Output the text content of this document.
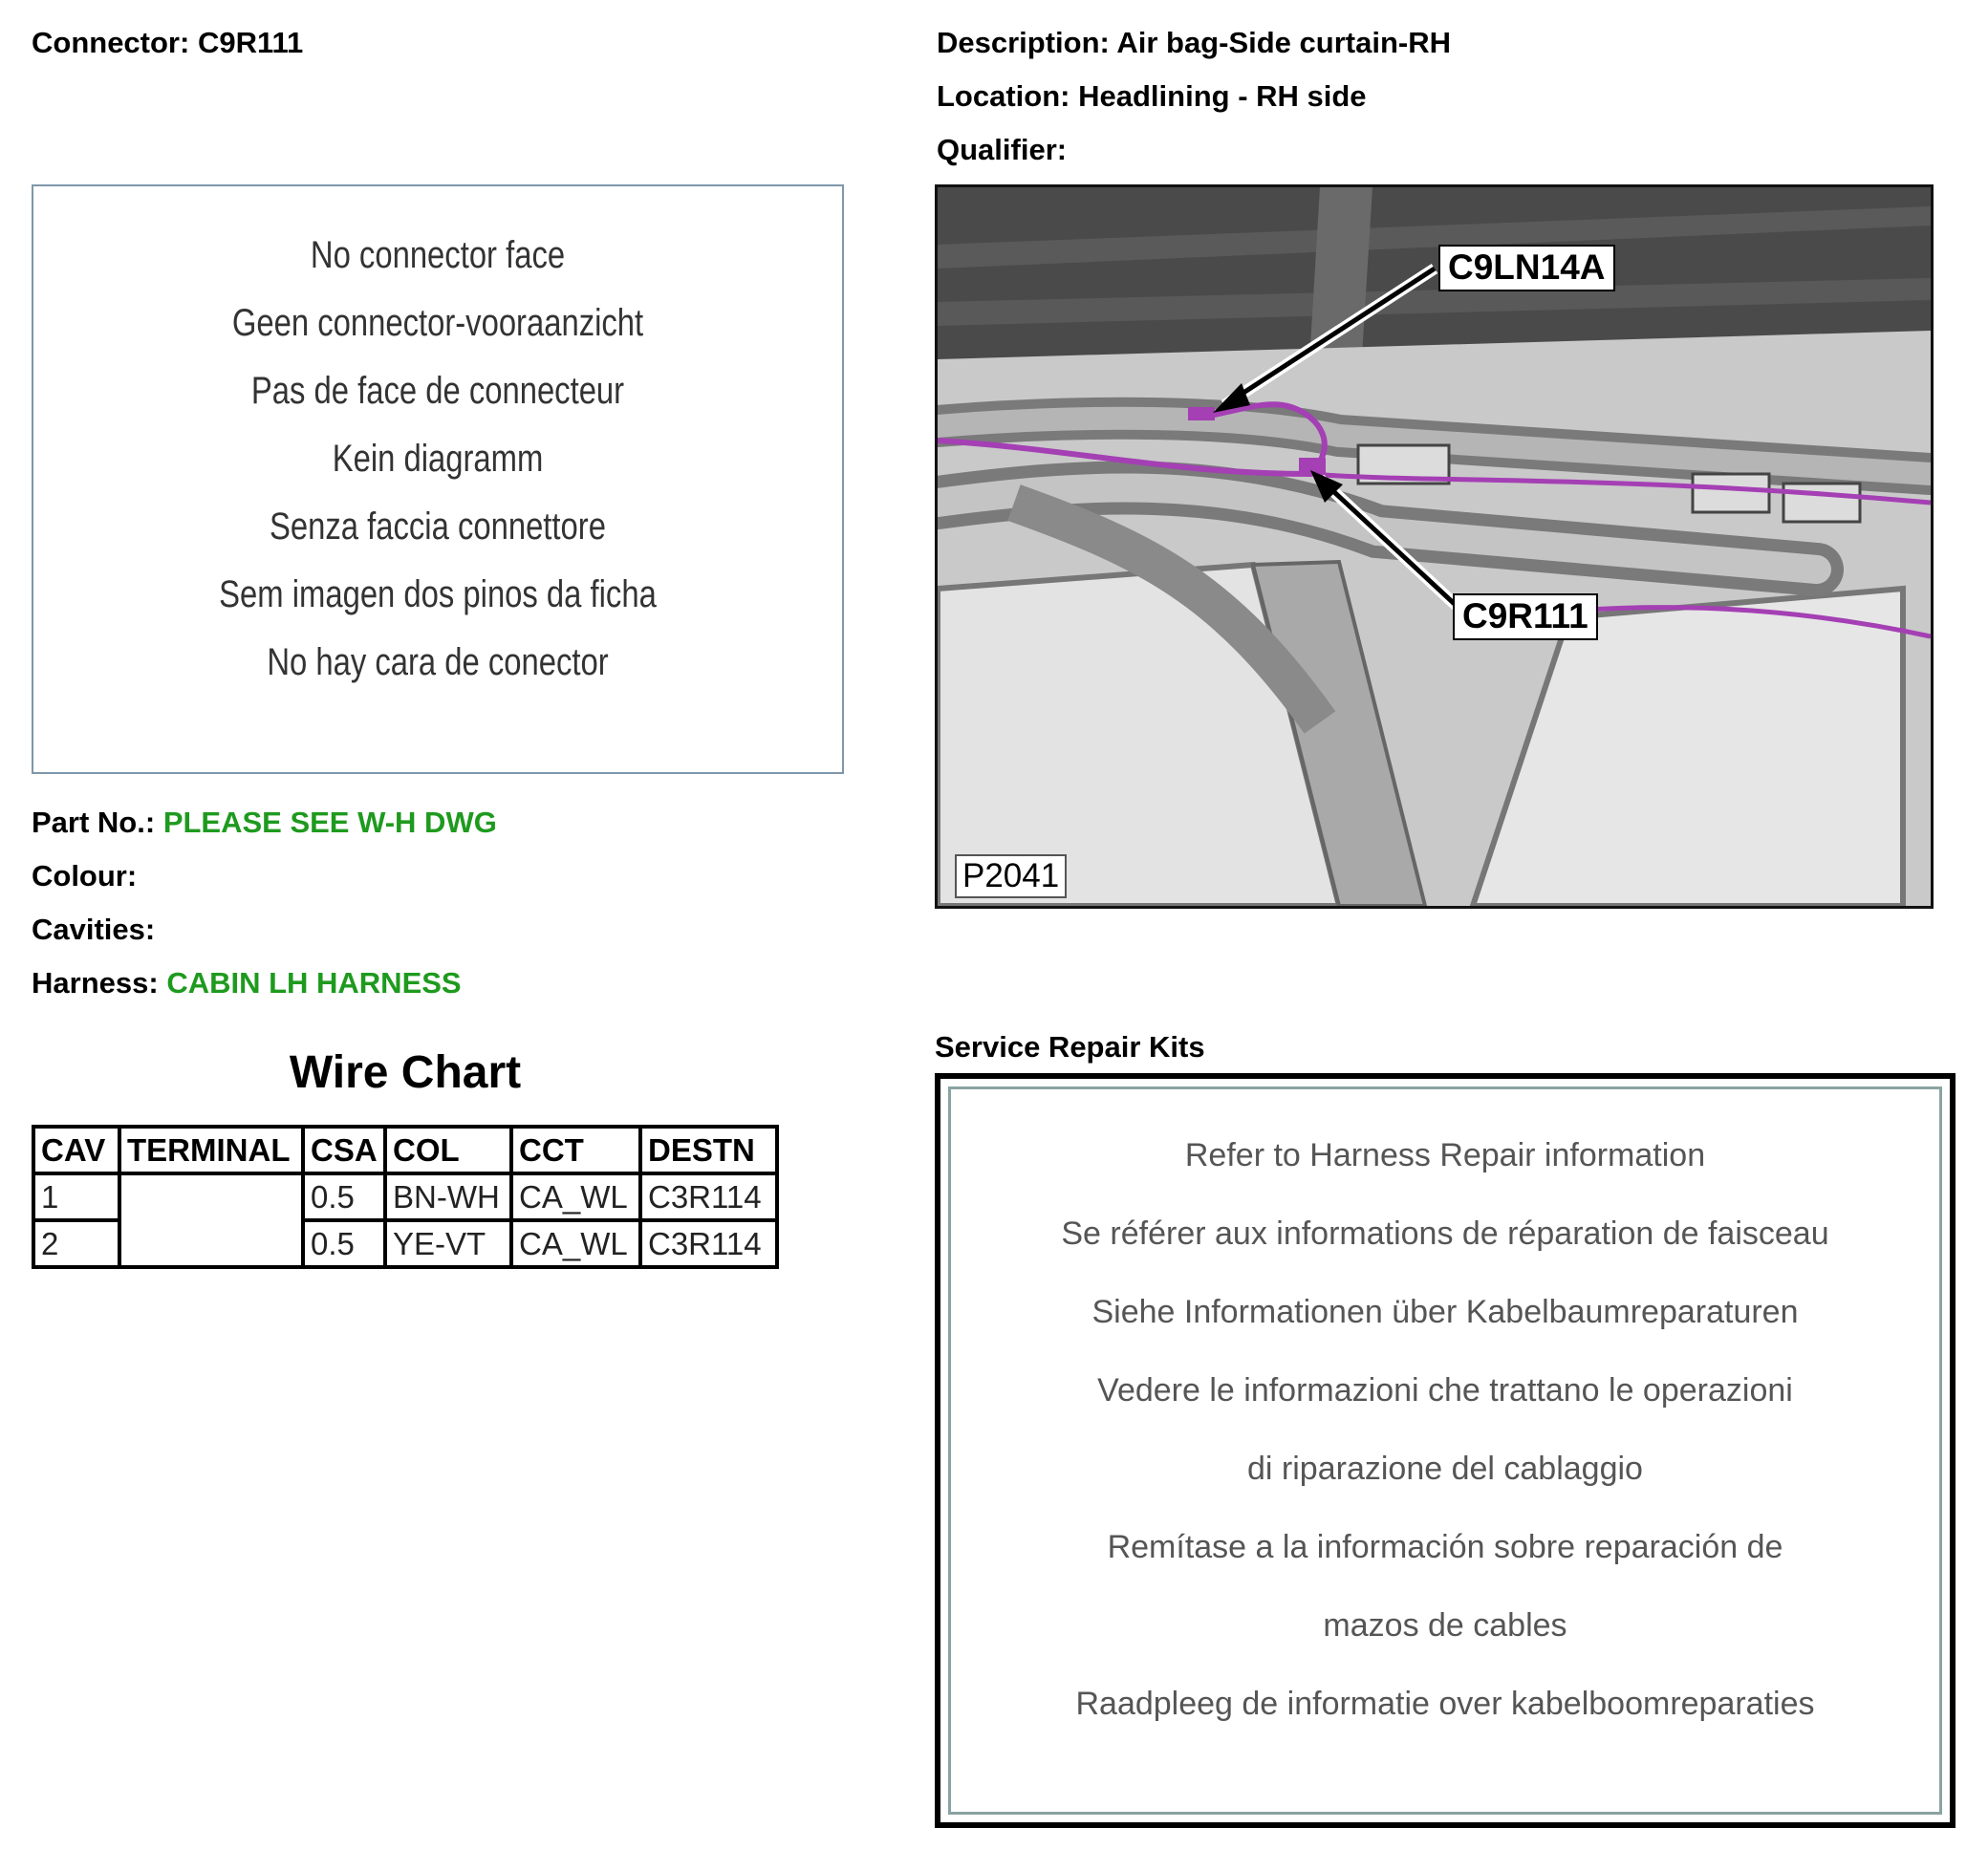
Connector: C9R111	Description: Air bag-Side curtain-RH
Location: Headlining - RH side
Qualifier:
No connector face
Geen connector-vooraanzicht
Pas de face de connecteur
Kein diagramm
Senza faccia connettore
Sem imagen dos pinos da ficha
No hay cara de conector
Part No.: PLEASE SEE W-H DWG
Colour:
Cavities:
Harness: CABIN LH HARNESS
C9LN14A
C9R111
P2041
Wire Chart
CAV	TERMINAL	CSA	COL	CCT	DESTN
1		0.5	BN-WH	CA_WL	C3R114
2		0.5	YE-VT	CA_WL	C3R114
Service Repair Kits
Refer to Harness Repair information
Se référer aux informations de réparation de faisceau
Siehe Informationen über Kabelbaumreparaturen
Vedere le informazioni che trattano le operazioni
di riparazione del cablaggio
Remítase a la información sobre reparación de
mazos de cables
Raadpleeg de informatie over kabelboomreparaties
